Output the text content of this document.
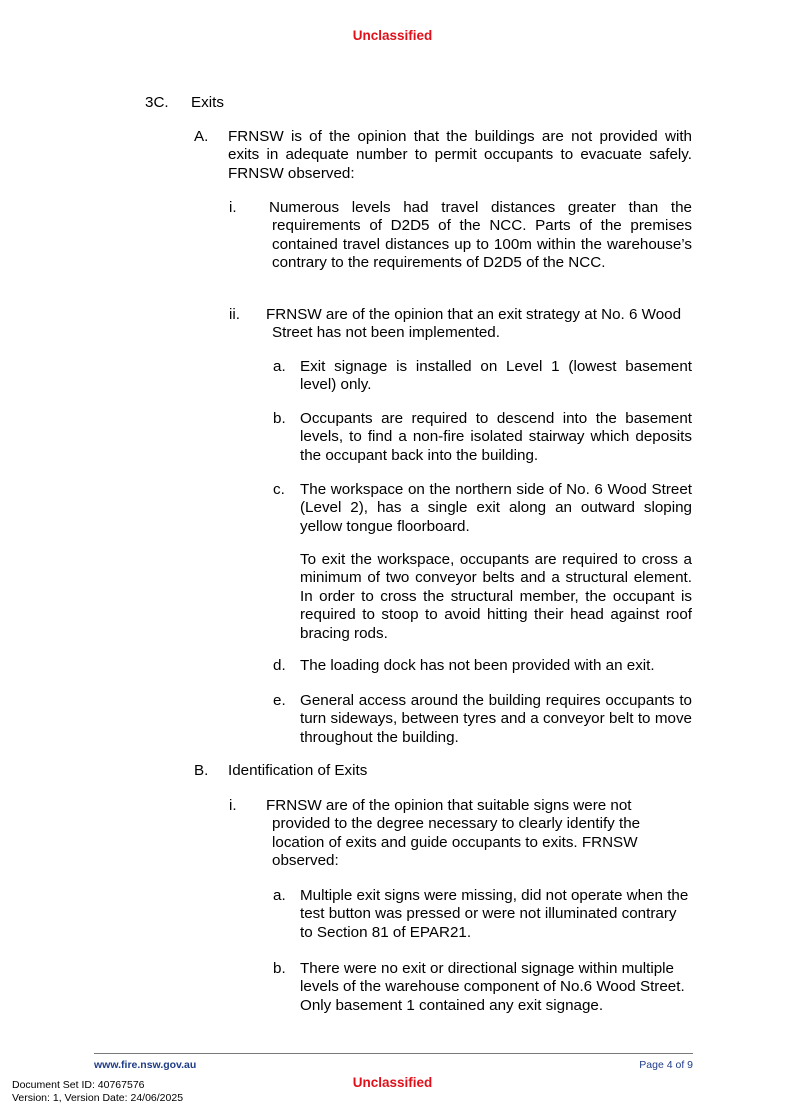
Unclassified
3C. Exits
A. FRNSW is of the opinion that the buildings are not provided with exits in adequate number to permit occupants to evacuate safely. FRNSW observed:
i.	Numerous levels had travel distances greater than the requirements of D2D5 of the NCC. Parts of the premises contained travel distances up to 100m within the warehouse’s contrary to the requirements of D2D5 of the NCC.
ii.	FRNSW are of the opinion that an exit strategy at No. 6 Wood Street has not been implemented.
a. Exit signage is installed on Level 1 (lowest basement level) only.
b. Occupants are required to descend into the basement levels, to find a non-fire isolated stairway which deposits the occupant back into the building.
c. The workspace on the northern side of No. 6 Wood Street (Level 2), has a single exit along an outward sloping yellow tongue floorboard.
To exit the workspace, occupants are required to cross a minimum of two conveyor belts and a structural element. In order to cross the structural member, the occupant is required to stoop to avoid hitting their head against roof bracing rods.
d. The loading dock has not been provided with an exit.
e. General access around the building requires occupants to turn sideways, between tyres and a conveyor belt to move throughout the building.
B. Identification of Exits
i.	FRNSW are of the opinion that suitable signs were not provided to the degree necessary to clearly identify the location of exits and guide occupants to exits. FRNSW observed:
a. Multiple exit signs were missing, did not operate when the test button was pressed or were not illuminated contrary to Section 81 of EPAR21.
b. There were no exit or directional signage within multiple levels of the warehouse component of No.6 Wood Street. Only basement 1 contained any exit signage.
www.fire.nsw.gov.au	Page 4 of 9
Unclassified
Document Set ID: 40767576
Version: 1, Version Date: 24/06/2025
